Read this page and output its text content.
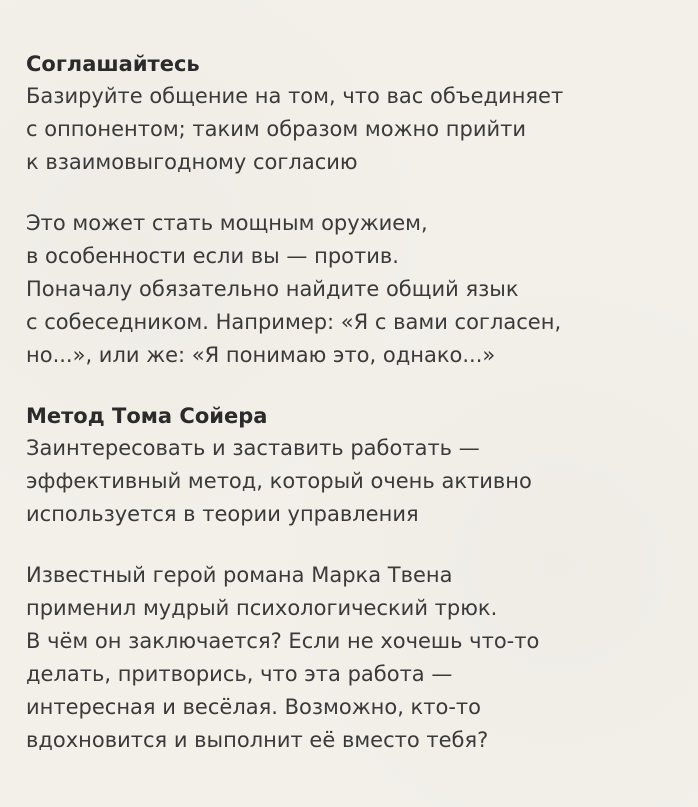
Соглашайтесь

Базируйте общение на том, что вас объединяет

с оппонентом; таким образом можно прийти

к взаимовыгодному согласию

Это может стать мощным оружием,

в особенности если вы — против.

Поначалу обязательно найдите общий язык

с собеседником. Например: «Я с вами согласен,

но...», или же: «Я понимаю это, однако...»

Метод Тома Сойера

Заинтересовать и заставить работать —

эффективный метод, который очень активно

используется в теории управления

Известный герой романа Марка Твена

применил мудрый психологический трюк.

В чём он заключается? Если не хочешь что-то

делать, притворись, что эта работа —

интересная и весёлая. Возможно, кто-то

вдохновится и выполнит её вместо тебя?
